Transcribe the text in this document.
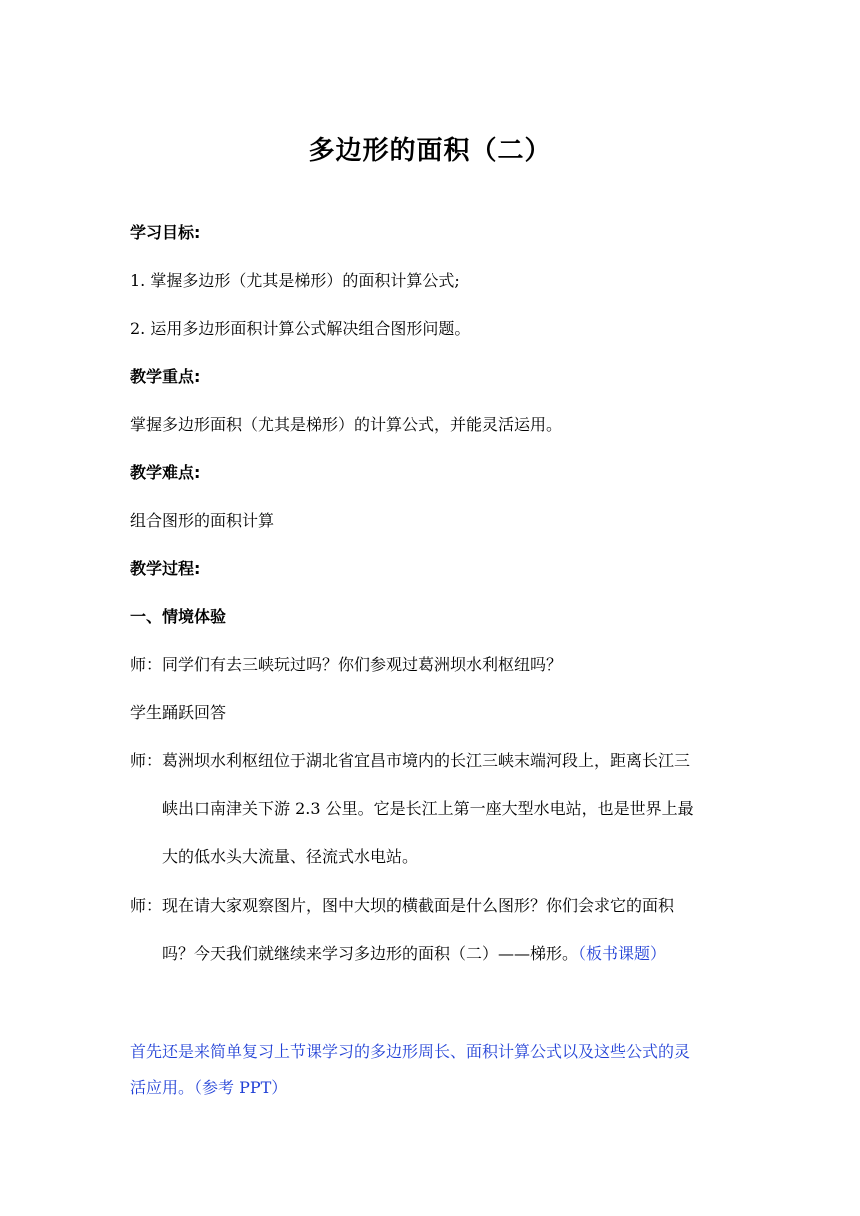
多边形的面积（二）
学习目标:
1. 掌握多边形（尤其是梯形）的面积计算公式;
2. 运用多边形面积计算公式解决组合图形问题。
教学重点:
掌握多边形面积（尤其是梯形）的计算公式，并能灵活运用。
教学难点:
组合图形的面积计算
教学过程:
一、情境体验
师：同学们有去三峡玩过吗？你们参观过葛洲坝水利枢纽吗？
学生踊跃回答
师：葛洲坝水利枢纽位于湖北省宜昌市境内的长江三峡末端河段上，距离长江三
峡出口南津关下游 2.3 公里。它是长江上第一座大型水电站，也是世界上最
大的低水头大流量、径流式水电站。
师：现在请大家观察图片，图中大坝的横截面是什么图形？你们会求它的面积
吗？今天我们就继续来学习多边形的面积（二）——梯形。（板书课题）
首先还是来简单复习上节课学习的多边形周长、面积计算公式以及这些公式的灵
活应用。（参考 PPT）
